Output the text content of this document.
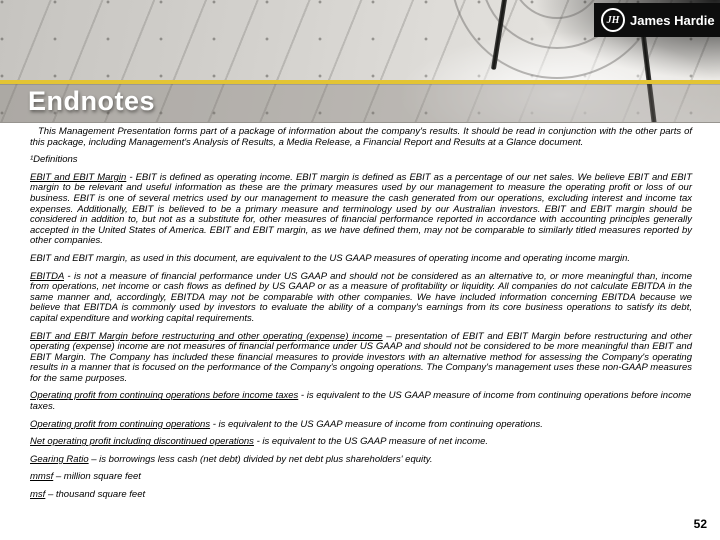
Endnotes
JH James Hardie

This Management Presentation forms part of a package of information about the company's results. It should be read in conjunction with the other parts of this package, including Management's Analysis of Results, a Media Release, a Financial Report and Results at a Glance document.

¹Definitions

EBIT and EBIT Margin - EBIT is defined as operating income. EBIT margin is defined as EBIT as a percentage of our net sales. We believe EBIT and EBIT margin to be relevant and useful information as these are the primary measures used by our management to measure the operating profit or loss of our business. EBIT is one of several metrics used by our management to measure the cash generated from our operations, excluding interest and income tax expenses. Additionally, EBIT is believed to be a primary measure and terminology used by our Australian investors. EBIT and EBIT margin should be considered in addition to, but not as a substitute for, other measures of financial performance reported in accordance with accounting principles generally accepted in the United States of America. EBIT and EBIT margin, as we have defined them, may not be comparable to similarly titled measures reported by other companies.

EBIT and EBIT margin, as used in this document, are equivalent to the US GAAP measures of operating income and operating income margin.

EBITDA - is not a measure of financial performance under US GAAP and should not be considered as an alternative to, or more meaningful than, income from operations, net income or cash flows as defined by US GAAP or as a measure of profitability or liquidity. All companies do not calculate EBITDA in the same manner and, accordingly, EBITDA may not be comparable with other companies. We have included information concerning EBITDA because we believe that EBITDA is commonly used by investors to evaluate the ability of a company's earnings from its core business operations to satisfy its debt, capital expenditure and working capital requirements.

EBIT and EBIT Margin before restructuring and other operating (expense) income – presentation of EBIT and EBIT Margin before restructuring and other operating (expense) income are not measures of financial performance under US GAAP and should not be considered to be more meaningful than EBIT and EBIT Margin. The Company has included these financial measures to provide investors with an alternative method for assessing the Company's operating results in a manner that is focused on the performance of the Company's ongoing operations. The Company's management uses these non-GAAP measures for the same purposes.

Operating profit from continuing operations before income taxes - is equivalent to the US GAAP measure of income from continuing operations before income taxes.

Operating profit from continuing operations - is equivalent to the US GAAP measure of income from continuing operations.

Net operating profit including discontinued operations - is equivalent to the US GAAP measure of net income.

Gearing Ratio – is borrowings less cash (net debt) divided by net debt plus shareholders' equity.

mmsf – million square feet

msf – thousand square feet

52
